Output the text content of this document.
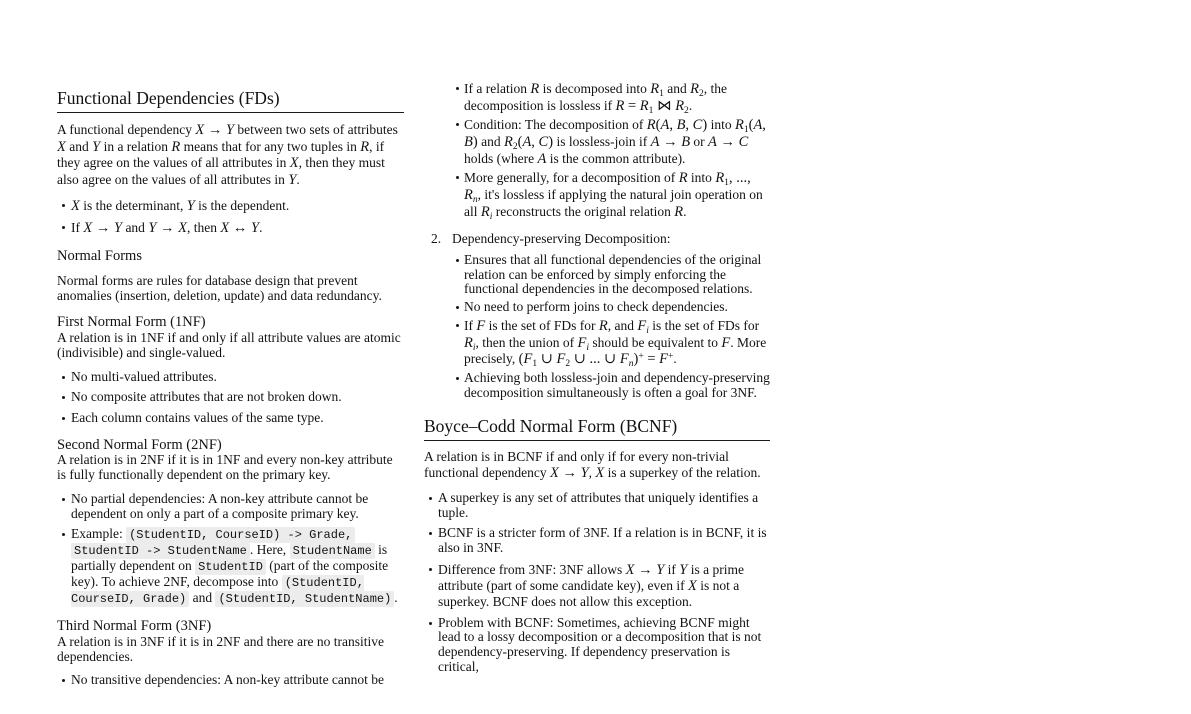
Functional Dependencies (FDs)

A functional dependency X → Y between two sets of attributes X and Y in a relation R means that for any two tuples in R, if they agree on the values of all attributes in X, then they must also agree on the values of all attributes in Y.

X is the determinant, Y is the dependent.
If X → Y and Y → X, then X ↔ Y.
Normal Forms

Normal forms are rules for database design that prevent anomalies (insertion, deletion, update) and data redundancy.

First Normal Form (1NF)

A relation is in 1NF if and only if all attribute values are atomic (indivisible) and single-valued.

No multi-valued attributes.
No composite attributes that are not broken down.
Each column contains values of the same type.
Second Normal Form (2NF)

A relation is in 2NF if it is in 1NF and every non-key attribute is fully functionally dependent on the primary key.

No partial dependencies: A non-key attribute cannot be dependent on only a part of a composite primary key.
Example: (StudentID, CourseID) -> Grade, StudentID -> StudentName . Here, StudentName is partially dependent on StudentID (part of the composite key). To achieve 2NF, decompose into (StudentID, CourseID, Grade) and (StudentID, StudentName) .
Third Normal Form (3NF)

A relation is in 3NF if it is in 2NF and there are no transitive dependencies.

No transitive dependencies: A non-key attribute cannot be
If a relation R is decomposed into $R_1$ and $R_2$, the decomposition is lossless if $R = R_1$ ⋈ $R_2$.
Condition: The decomposition of R(A, B, C) into $R_1(A$, B) and $R_2(A$, C) is lossless-join if A → B or A → C holds (where A is the common attribute).
More generally, for a decomposition of R into $R_1$, ..., $R_n$, it's lossless if applying the natural join operation on all $R_i$ reconstructs the original relation R.
2. Dependency-preserving Decomposition:
Ensures that all functional dependencies of the original relation can be enforced by simply enforcing the functional dependencies in the decomposed relations.
No need to perform joins to check dependencies.
If F is the set of FDs for R, and $F_i$ is the set of FDs for $R_i$, then the union of $F_i$ should be equivalent to F. More precisely, ($F_1$ ∪ $F_2$ ∪ ... ∪ $F_n)^+ = F^+$.
Achieving both lossless-join and dependency-preserving decomposition simultaneously is often a goal for 3NF.
Boyce–Codd Normal Form (BCNF)

A relation is in BCNF if and only if for every non-trivial functional dependency X → Y, X is a superkey of the relation.

A superkey is any set of attributes that uniquely identifies a tuple.
BCNF is a stricter form of 3NF. If a relation is in BCNF, it is also in 3NF.
Difference from 3NF: 3NF allows X → Y if Y is a prime attribute (part of some candidate key), even if X is not a superkey. BCNF does not allow this exception.
Problem with BCNF: Sometimes, achieving BCNF might lead to a lossy decomposition or a decomposition that is not dependency-preserving. If dependency preservation is critical,
